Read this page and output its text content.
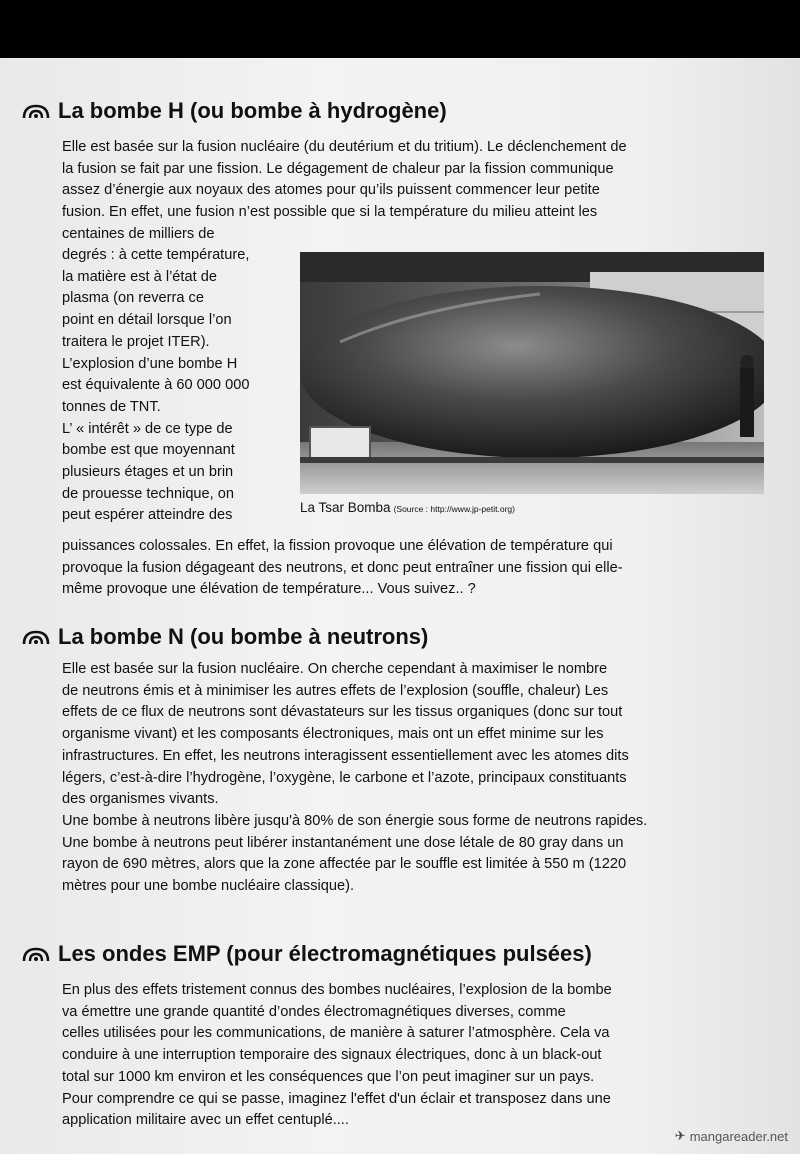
La bombe H (ou bombe à hydrogène)
Elle est basée sur la fusion nucléaire (du deutérium et du tritium). Le déclenchement de
la fusion se fait par une fission. Le dégagement de chaleur par la fission communique
assez d’énergie aux noyaux des atomes pour qu’ils puissent commencer leur petite
fusion. En effet, une fusion n’est possible que si la température du milieu atteint les
centaines de milliers de
degrés : à cette température,
la matière est à l’état de
plasma (on reverra ce
point en détail lorsque l’on
traitera le projet ITER).
L’explosion d’une bombe H
est équivalente à 60 000 000
tonnes de TNT.
L’ « intérêt » de ce type de
bombe est que moyennant
plusieurs étages et un brin
de prouesse technique, on
peut espérer atteindre des	La Tsar Bomba (Source : http://www.jp-petit.org)
puissances colossales. En effet, la fission provoque une élévation de température qui
provoque la fusion dégageant des neutrons, et donc peut entraîner une fission qui elle-
même provoque une élévation de température... Vous suivez.. ?
La bombe N (ou bombe à neutrons)
Elle est basée sur la fusion nucléaire. On cherche cependant à maximiser le nombre
de neutrons émis et à minimiser les autres effets de l’explosion (souffle, chaleur) Les
effets de ce flux de neutrons sont dévastateurs sur les tissus organiques (donc sur tout
organisme vivant) et les composants électroniques, mais ont un effet minime sur les
infrastructures. En effet, les neutrons interagissent essentiellement avec les atomes dits
légers, c’est-à-dire l’hydrogène, l’oxygène, le carbone et l’azote, principaux constituants
des organismes vivants.
Une bombe à neutrons libère jusqu'à 80% de son énergie sous forme de neutrons rapides.
Une bombe à neutrons peut libérer instantanément une dose létale de 80 gray dans un
rayon de 690 mètres, alors que la zone affectée par le souffle est limitée à 550 m (1220
mètres pour une bombe nucléaire classique).
Les ondes EMP (pour électromagnétiques pulsées)
En plus des effets tristement connus des bombes nucléaires, l’explosion de la bombe
va émettre une grande quantité d’ondes électromagnétiques diverses, comme
celles utilisées pour les communications, de manière à saturer l’atmosphère. Cela va
conduire à une interruption temporaire des signaux électriques, donc à un black-out
total sur 1000 km environ et les conséquences que l’on peut imaginer sur un pays.
Pour comprendre ce qui se passe, imaginez l'effet d'un éclair et transposez dans une
application militaire avec un effet centuplé....
✈ mangareader.net
